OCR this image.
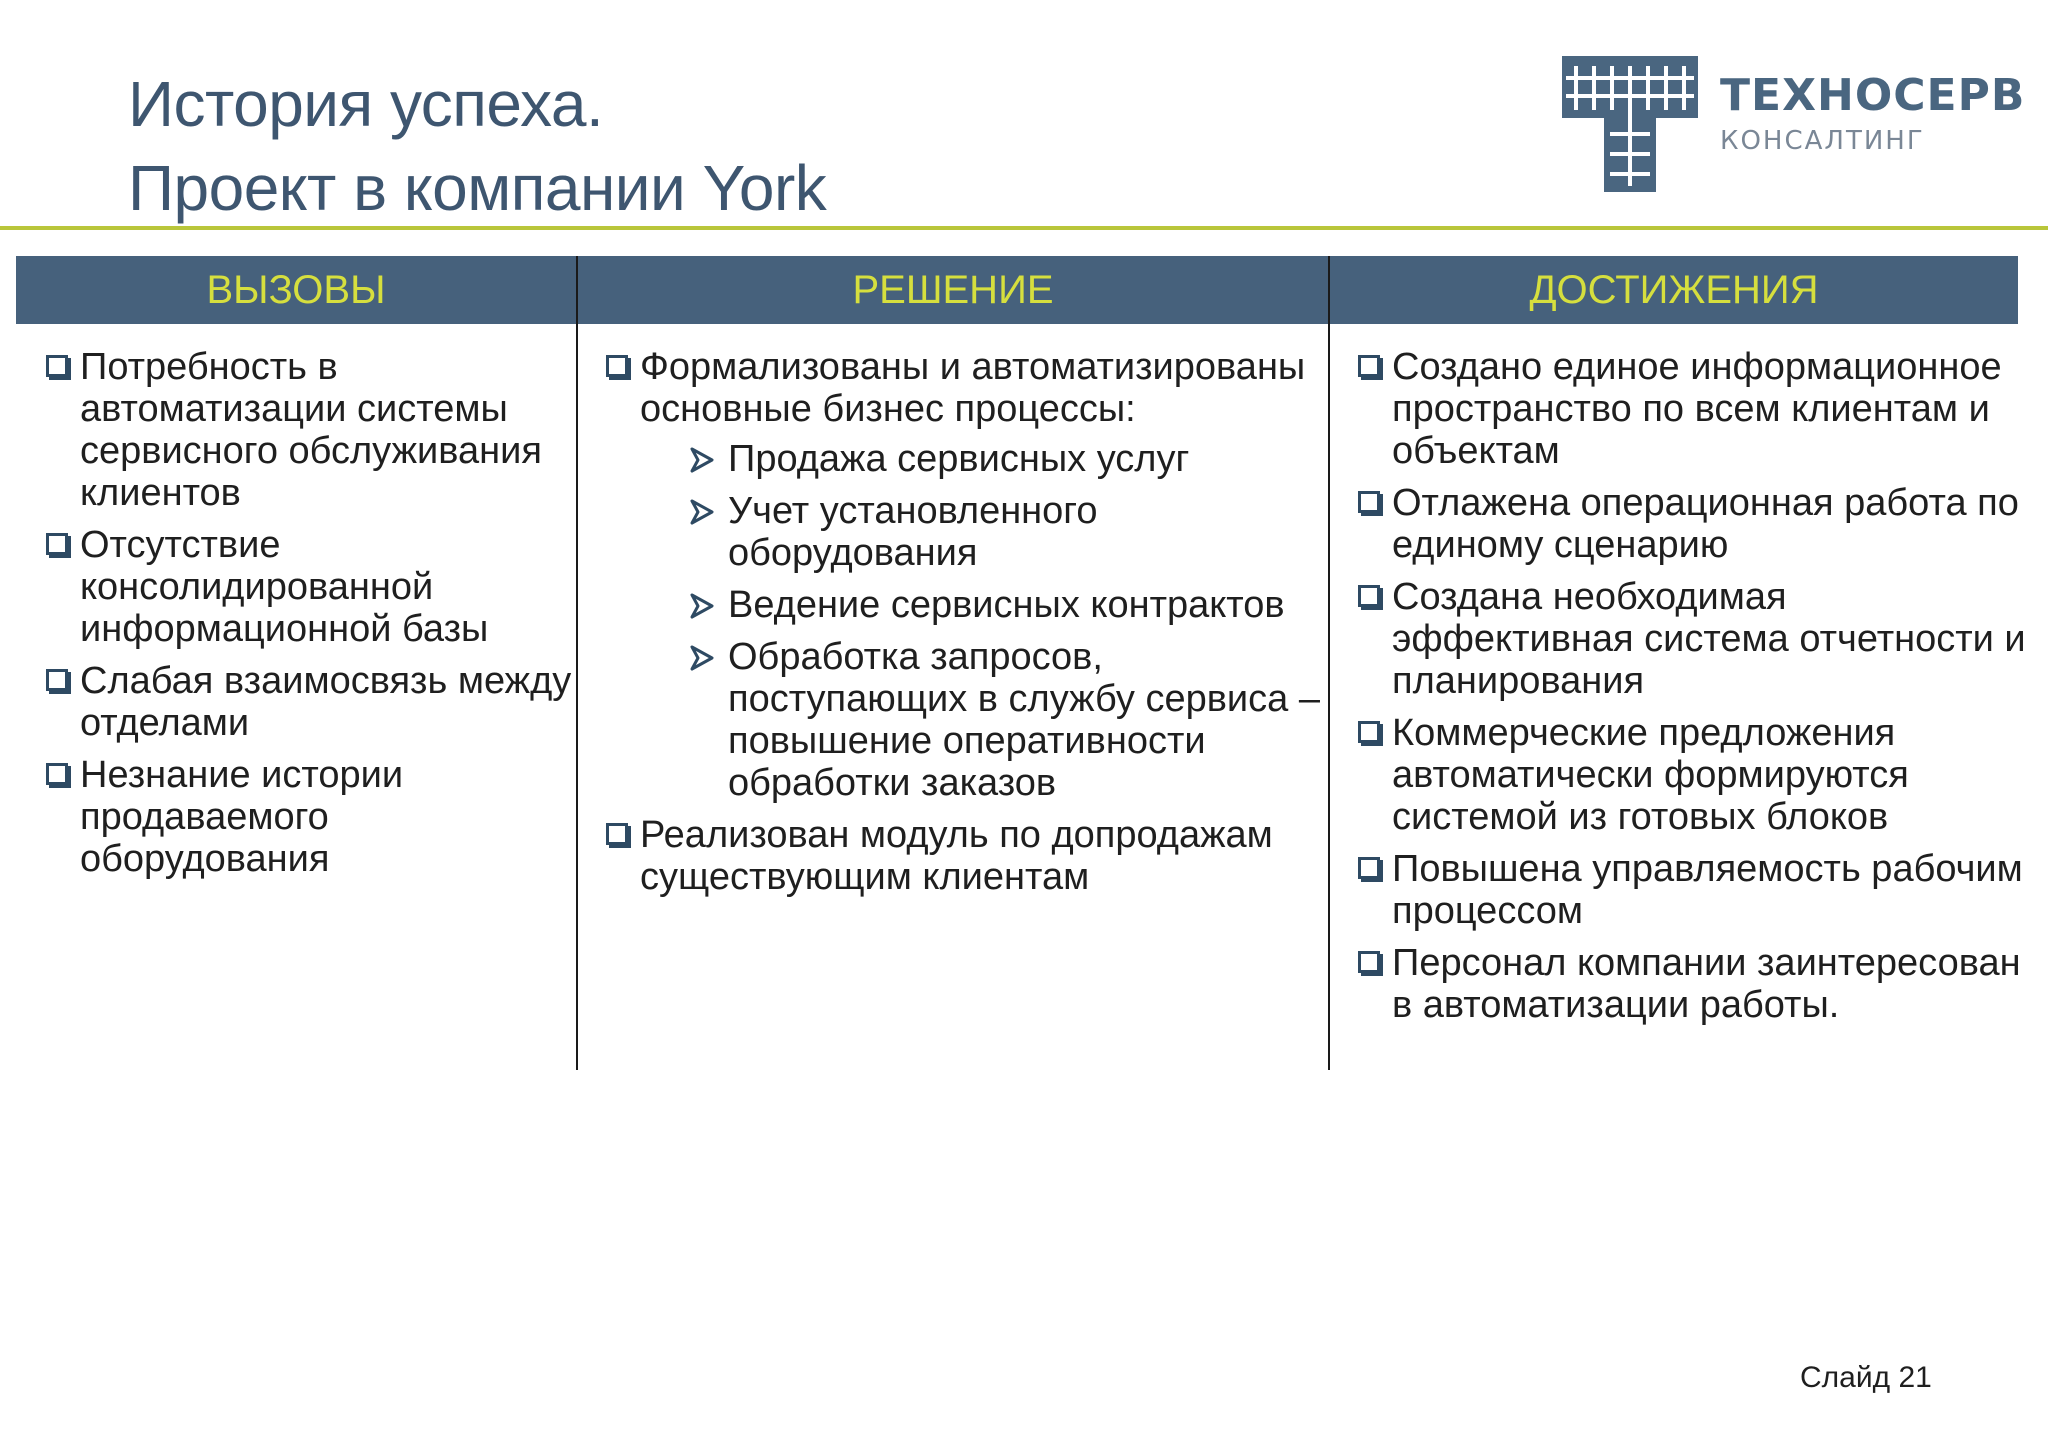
История успеха.
Проект в компании York
ТЕХНОСЕРВ
КОНСАЛТИНГ
ВЫЗОВЫ	РЕШЕНИЕ	ДОСТИЖЕНИЯ
Потребность в автоматизации системы сервисного обслуживания клиентов
Отсутствие консолидированной информационной базы
Слабая взаимосвязь между отделами
Незнание истории продаваемого оборудования
Формализованы и автоматизированы основные бизнес процессы:
Продажа сервисных услуг
Учет установленного оборудования
Ведение сервисных контрактов
Обработка запросов, поступающих в службу сервиса – повышение оперативности обработки заказов
Реализован модуль по допродажам существующим клиентам
Создано единое информационное пространство по всем клиентам и объектам
Отлажена операционная работа по единому сценарию
Создана необходимая эффективная система отчетности и планирования
Коммерческие предложения автоматически формируются системой из готовых блоков
Повышена управляемость рабочим процессом
Персонал компании заинтересован в автоматизации работы.
Слайд 21
